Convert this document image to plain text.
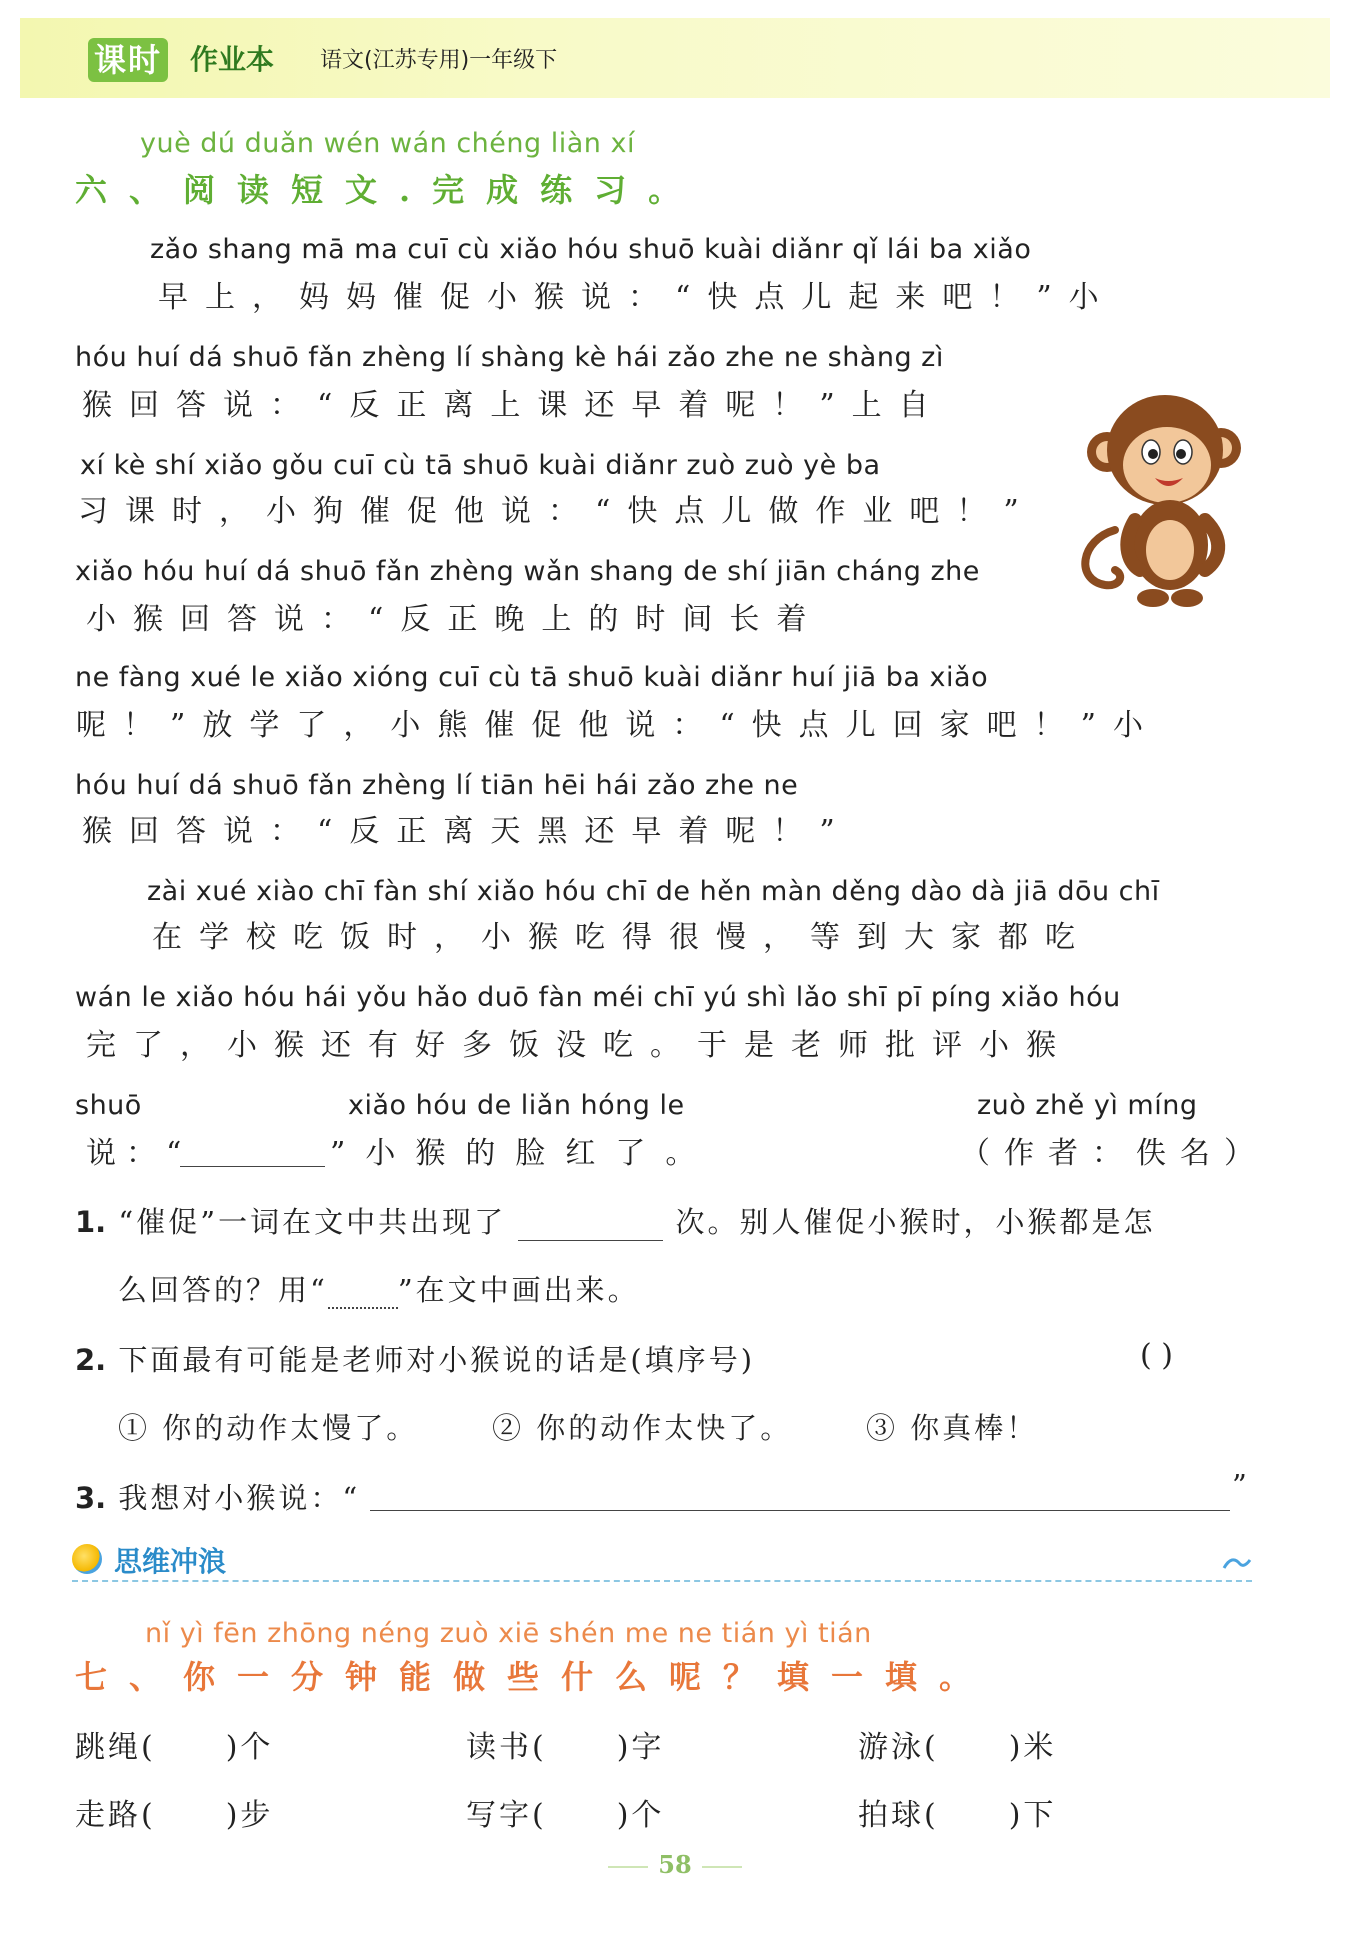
课时 作业本 语文(江苏专用)一年级下
yuè dú duǎn wén wán chéng liàn xí
六、阅读短文.完成练习。
zǎo shang mā ma cuī cù xiǎo hóu shuō kuài diǎnr qǐ lái ba xiǎo
早上，妈妈催促小猴说：“快点儿起来吧！”小
hóu huí dá shuō fǎn zhèng lí shàng kè hái zǎo zhe ne shàng zì
猴回答说：“反正离上课还早着呢！”上自
xí kè shí xiǎo gǒu cuī cù tā shuō kuài diǎnr zuò zuò yè ba
习课时，小狗催促他说：“快点儿做作业吧！”
xiǎo hóu huí dá shuō fǎn zhèng wǎn shang de shí jiān cháng zhe
小猴回答说：“反正晚上的时间长着
ne fàng xué le xiǎo xióng cuī cù tā shuō kuài diǎnr huí jiā ba xiǎo
呢！”放学了，小熊催促他说：“快点儿回家吧！”小
hóu huí dá shuō fǎn zhèng lí tiān hēi hái zǎo zhe ne
猴回答说：“反正离天黑还早着呢！”
zài xué xiào chī fàn shí xiǎo hóu chī de hěn màn děng dào dà jiā dōu chī
在学校吃饭时，小猴吃得很慢，等到大家都吃
wán le xiǎo hóu hái yǒu hǎo duō fàn méi chī yú shì lǎo shī pī píng xiǎo hóu
完了，小猴还有好多饭没吃。于是老师批评小猴
shuō	xiǎo hóu de liǎn hóng le	zuò zhě yì míng
说：“	”小猴的脸红了。	（作者：佚名）
1. “催促”一词在文中共出现了	次。别人催促小猴时，小猴都是怎
么回答的？用“ ”在文中画出来。
2. 下面最有可能是老师对小猴说的话是(填序号)	( )
① 你的动作太慢了。	② 你的动作太快了。	③ 你真棒！
3. 我想对小猴说：“	”
思维冲浪
nǐ yì fēn zhōng néng zuò xiē shén me ne tián yì tián
七、你一分钟能做些什么呢？填一填。
跳绳( )个	读书( )字	游泳( )米
走路( )步	写字( )个	拍球( )下
58
